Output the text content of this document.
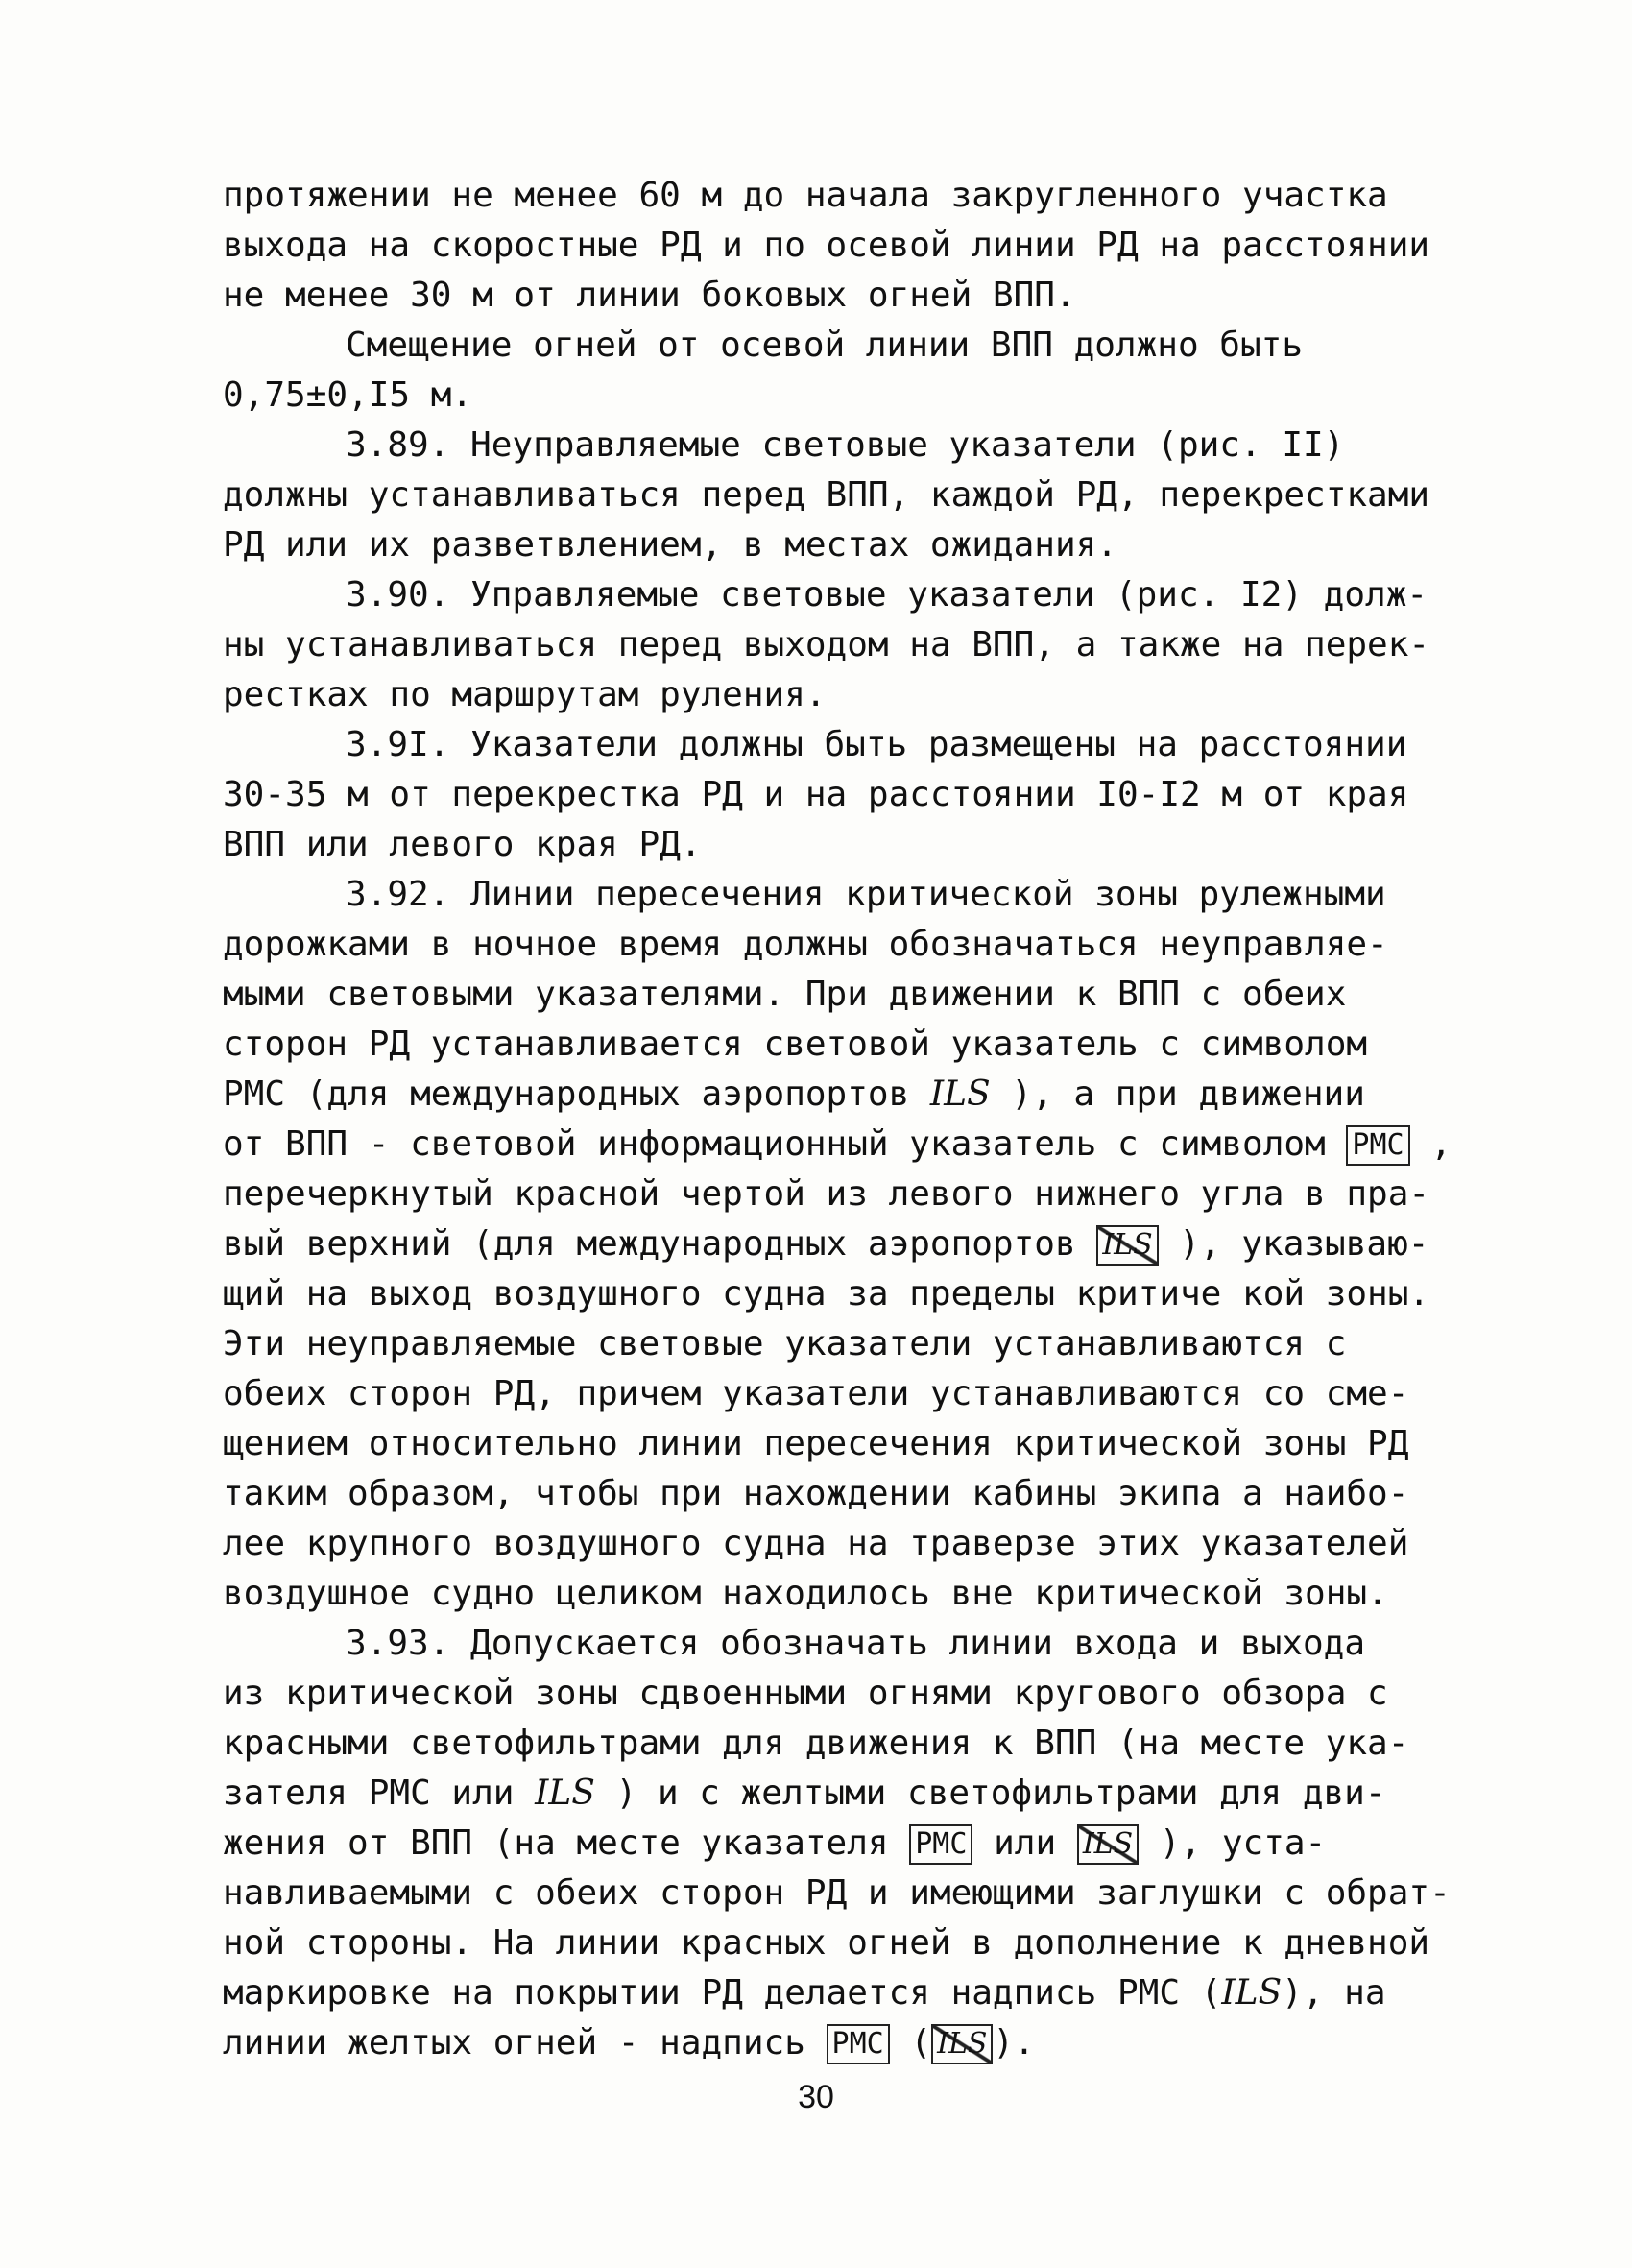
протяжении не менее 60 м до начала закругленного участка
выхода на скоростные РД и по осевой линии РД на расстоянии
не менее 30 м от линии боковых огней ВПП.
Смещение огней от осевой линии ВПП должно быть
0,75±0,I5 м.
3.89. Неуправляемые световые указатели (рис. II)
должны устанавливаться перед ВПП, каждой РД, перекрестками
РД или их разветвлением, в местах ожидания.
3.90. Управляемые световые указатели (рис. I2) долж-
ны устанавливаться перед выходом на ВПП, а также на перек-
рестках по маршрутам руления.
3.9I. Указатели должны быть размещены на расстоянии
30-35 м от перекрестка РД и на расстоянии I0-I2 м от края
ВПП или левого края РД.
3.92. Линии пересечения критической зоны рулежными
дорожками в ночное время должны обозначаться неуправляе-
мыми световыми указателями. При движении к ВПП с обеих
сторон РД устанавливается световой указатель с символом
РМС (для международных аэропортов ILS ), а при движении
от ВПП - световой информационный указатель с символом РМС ,
перечеркнутый красной чертой из левого нижнего угла в пра-
вый верхний (для международных аэропортов ILS ), указываю-
щий на выход воздушного судна за пределы критиче кой зоны.
Эти неуправляемые световые указатели устанавливаются с
обеих сторон РД, причем указатели устанавливаются со сме-
щением относительно линии пересечения критической зоны РД
таким образом, чтобы при нахождении кабины экипа а наибо-
лее крупного воздушного судна на траверзе этих указателей
воздушное судно целиком находилось вне критической зоны.
3.93. Допускается обозначать линии входа и выхода
из критической зоны сдвоенными огнями кругового обзора с
красными светофильтрами для движения к ВПП (на месте ука-
зателя РМС или ILS ) и с желтыми светофильтрами для дви-
жения от ВПП (на месте указателя РМС или ILS ), уста-
навливаемыми с обеих сторон РД и имеющими заглушки с обрат-
ной стороны. На линии красных огней в дополнение к дневной
маркировке на покрытии РД делается надпись РМС (ILS), на
линии желтых огней - надпись РМС ( ILS ).
30
